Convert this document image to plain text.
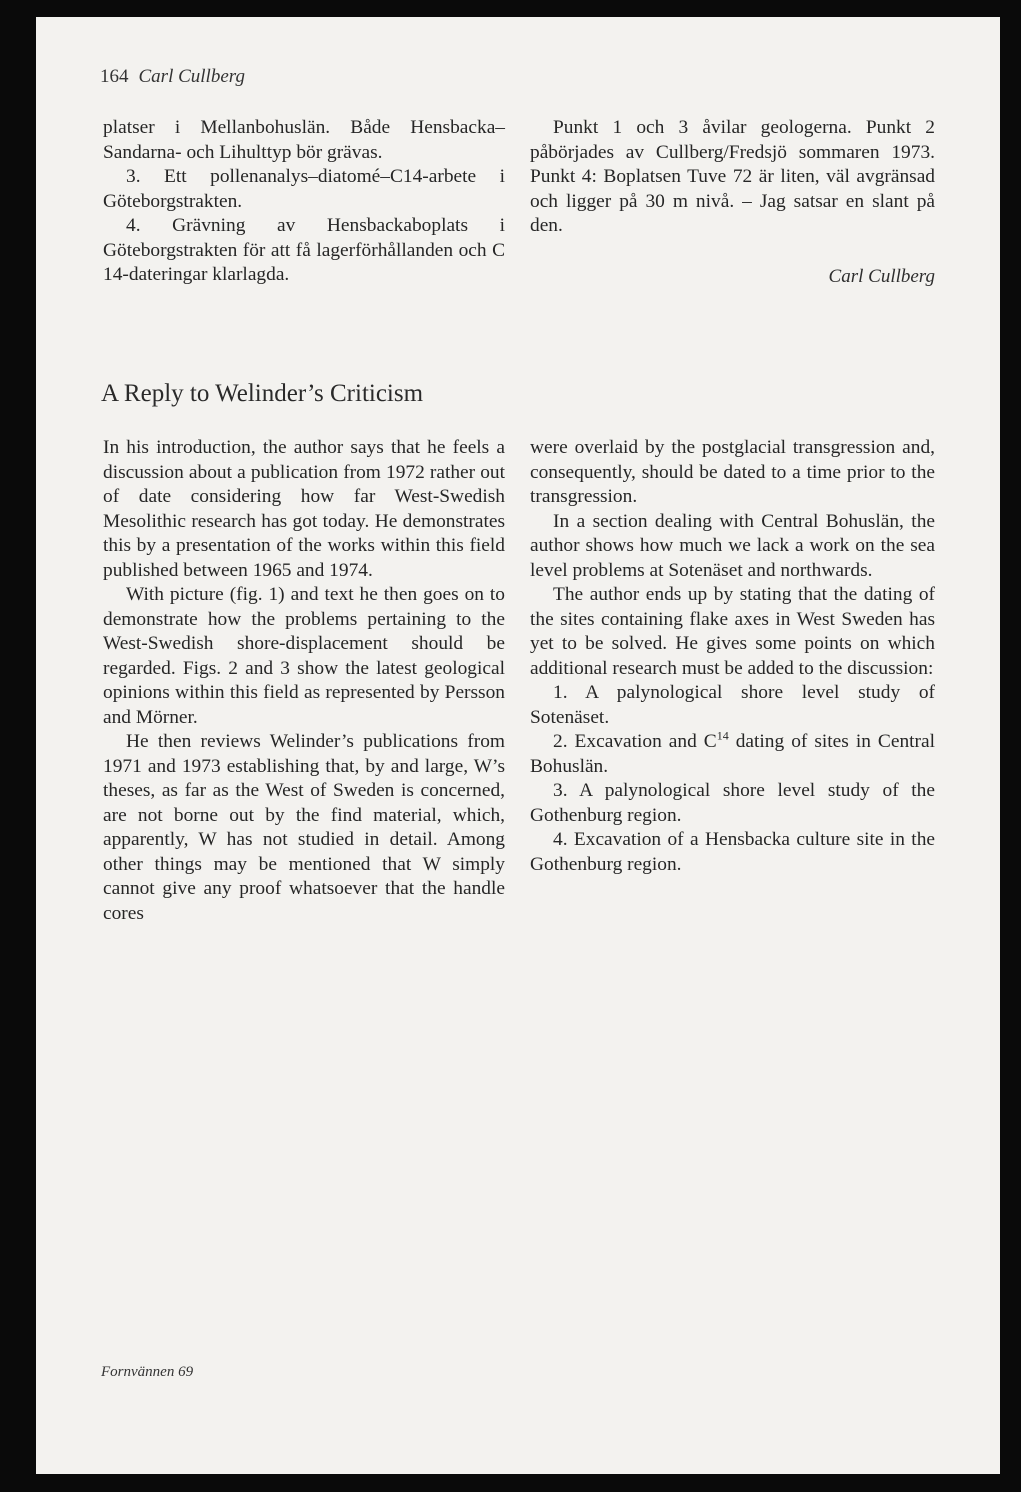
164 Carl Cullberg

platser i Mellanbohuslän. Både Hensbacka–Sandarna- och Lihulttyp bör grävas.

3. Ett pollenanalys–diatomé–C14-arbete i Göteborgstrakten.

4. Grävning av Hensbackaboplats i Göteborgstrakten för att få lagerförhållanden och C 14-dateringar klarlagda.

Punkt 1 och 3 åvilar geologerna. Punkt 2 påbörjades av Cullberg/Fredsjö sommaren 1973. Punkt 4: Boplatsen Tuve 72 är liten, väl avgränsad och ligger på 30 m nivå. – Jag satsar en slant på den.

Carl Cullberg
A Reply to Welinder’s Criticism

In his introduction, the author says that he feels a discussion about a publication from 1972 rather out of date considering how far West-Swedish Mesolithic research has got today. He demonstrates this by a presentation of the works within this field published between 1965 and 1974.

With picture (fig. 1) and text he then goes on to demonstrate how the problems pertaining to the West-Swedish shore-displacement should be regarded. Figs. 2 and 3 show the latest geological opinions within this field as represented by Persson and Mörner.

He then reviews Welinder’s publications from 1971 and 1973 establishing that, by and large, W’s theses, as far as the West of Sweden is concerned, are not borne out by the find material, which, apparently, W has not studied in detail. Among other things may be mentioned that W simply cannot give any proof whatsoever that the handle cores

were overlaid by the postglacial transgression and, consequently, should be dated to a time prior to the transgression.

In a section dealing with Central Bohuslän, the author shows how much we lack a work on the sea level problems at Sotenäset and northwards.

The author ends up by stating that the dating of the sites containing flake axes in West Sweden has yet to be solved. He gives some points on which additional research must be added to the discussion:

1. A palynological shore level study of Sotenäset.

2. Excavation and $C^{14}$ dating of sites in Central Bohuslän.

3. A palynological shore level study of the Gothenburg region.

4. Excavation of a Hensbacka culture site in the Gothenburg region.

Fornvännen 69
